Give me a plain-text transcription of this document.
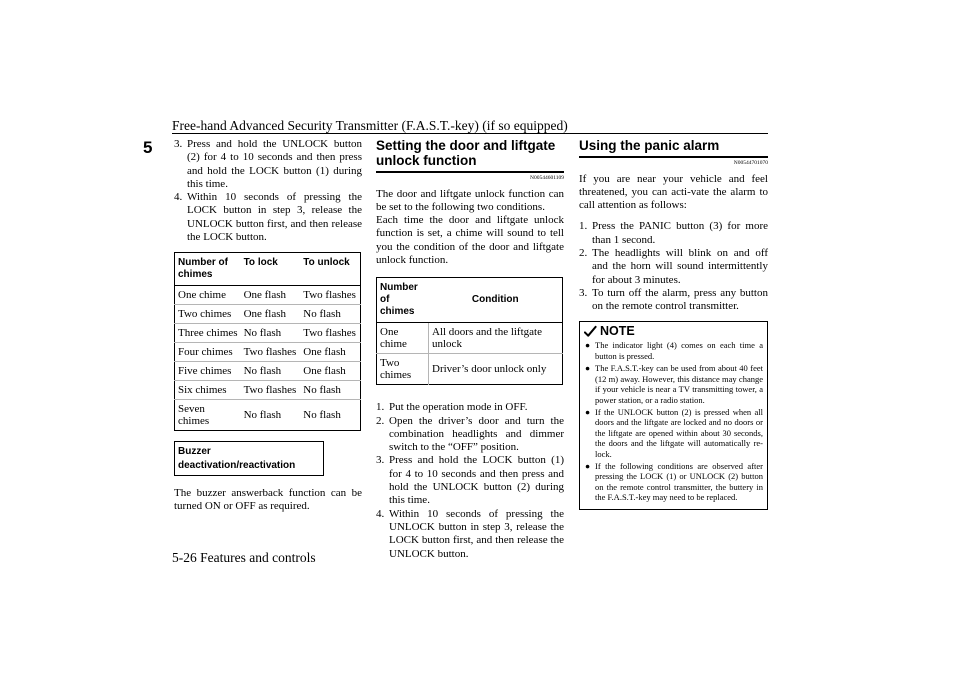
Free-hand Advanced Security Transmitter (F.A.S.T.-key) (if so equipped)
5	3. Press and hold the UNLOCK button (2) for 4 to 10 seconds and then press and hold the LOCK button (1) during this time.
4. Within 10 seconds of pressing the LOCK button in step 3, release the UNLOCK button first, and then release the LOCK button.
Number of chimes	To lock	To unlock
One chime	One flash	Two flashes
Two chimes	One flash	No flash
Three chimes	No flash	Two flashes
Four chimes	Two flashes	One flash
Five chimes	No flash	One flash
Six chimes	Two flashes	No flash
Seven chimes	No flash	No flash
Buzzer deactivation/reactivation
The buzzer answerback function can be turned ON or OFF as required.
Setting the door and liftgate unlock function
N00544601109
The door and liftgate unlock function can be set to the following two conditions.
Each time the door and liftgate unlock function is set, a chime will sound to tell you the condition of the door and liftgate unlock function.
Number of chimes	Condition
One chime	All doors and the liftgate unlock
Two chimes	Driver’s door unlock only
1. Put the operation mode in OFF.
2. Open the driver’s door and turn the combination headlights and dimmer switch to the “OFF” position.
3. Press and hold the LOCK button (1) for 4 to 10 seconds and then press and hold the UNLOCK button (2) during this time.
4. Within 10 seconds of pressing the UNLOCK button in step 3, release the LOCK button first, and then release the UNLOCK button.
Using the panic alarm
N00544701070
If you are near your vehicle and feel threatened, you can acti-vate the alarm to call attention as follows:
1. Press the PANIC button (3) for more than 1 second.
2. The headlights will blink on and off and the horn will sound intermittently for about 3 minutes.
3. To turn off the alarm, press any button on the remote control transmitter.
NOTE
● The indicator light (4) comes on each time a button is pressed.
● The F.A.S.T.-key can be used from about 40 feet (12 m) away. However, this distance may change if your vehicle is near a TV transmitting tower, a power station, or a radio station.
● If the UNLOCK button (2) is pressed when all doors and the liftgate are locked and no doors or the liftgate are opened within about 30 seconds, the doors and the liftgate will automatically re-lock.
● If the following conditions are observed after pressing the LOCK (1) or UNLOCK (2) button on the remote control transmitter, the buttery in the F.A.S.T.-key may need to be replaced.
5-26 Features and controls
